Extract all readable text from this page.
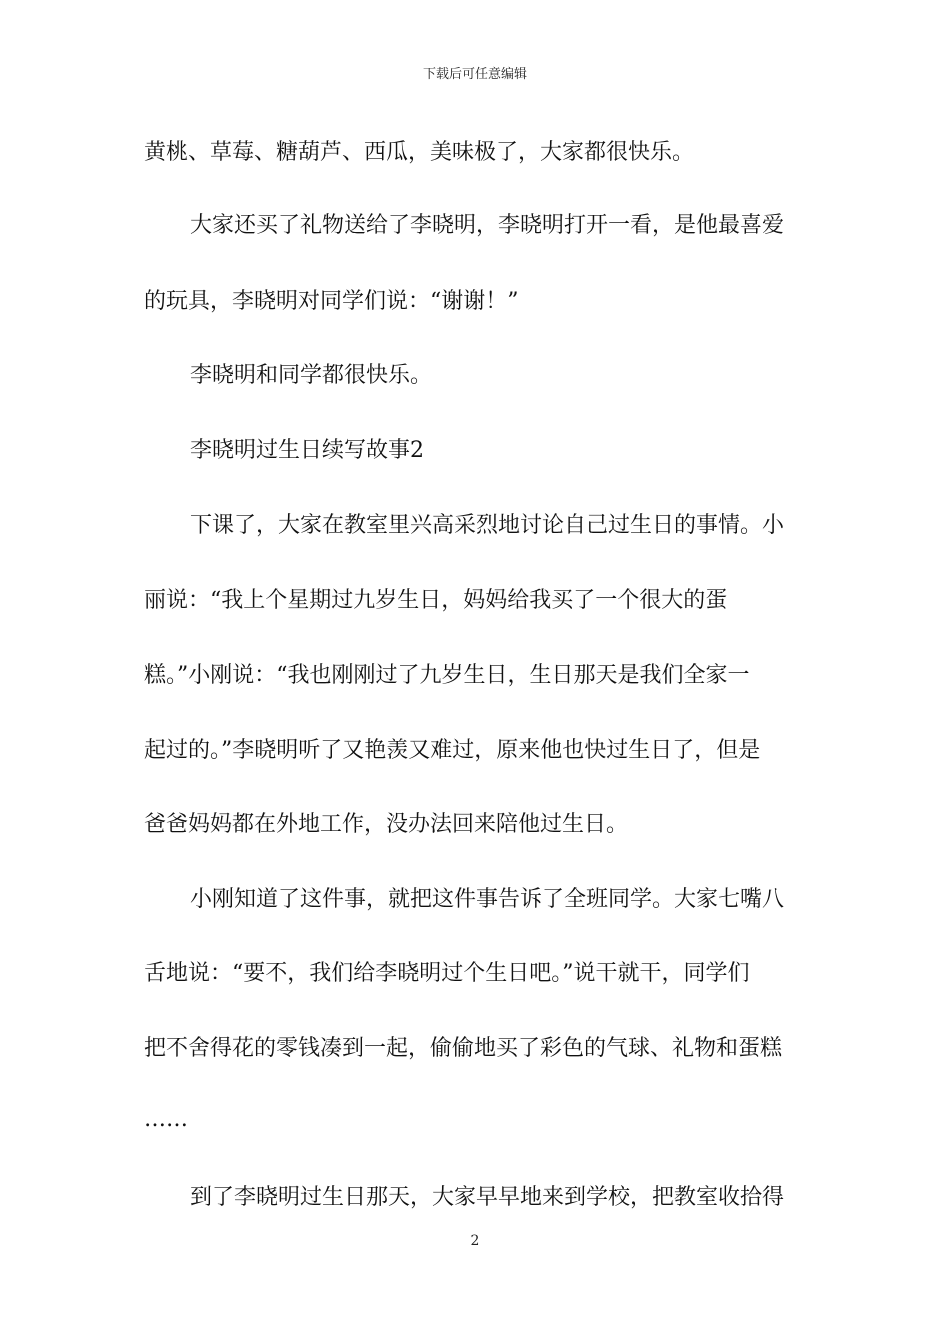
下载后可任意编辑
黄桃、草莓、糖葫芦、西瓜，美味极了，大家都很快乐。
大家还买了礼物送给了李晓明，李晓明打开一看，是他最喜爱
的玩具，李晓明对同学们说：“谢谢！”
李晓明和同学都很快乐。
李晓明过生日续写故事2
下课了，大家在教室里兴高采烈地讨论自己过生日的事情。小
丽说：“我上个星期过九岁生日，妈妈给我买了一个很大的蛋
糕。”小刚说：“我也刚刚过了九岁生日，生日那天是我们全家一
起过的。”李晓明听了又艳羡又难过，原来他也快过生日了，但是
爸爸妈妈都在外地工作，没办法回来陪他过生日。
小刚知道了这件事，就把这件事告诉了全班同学。大家七嘴八
舌地说：“要不，我们给李晓明过个生日吧。”说干就干，同学们
把不舍得花的零钱凑到一起，偷偷地买了彩色的气球、礼物和蛋糕
……
到了李晓明过生日那天，大家早早地来到学校，把教室收拾得
2
